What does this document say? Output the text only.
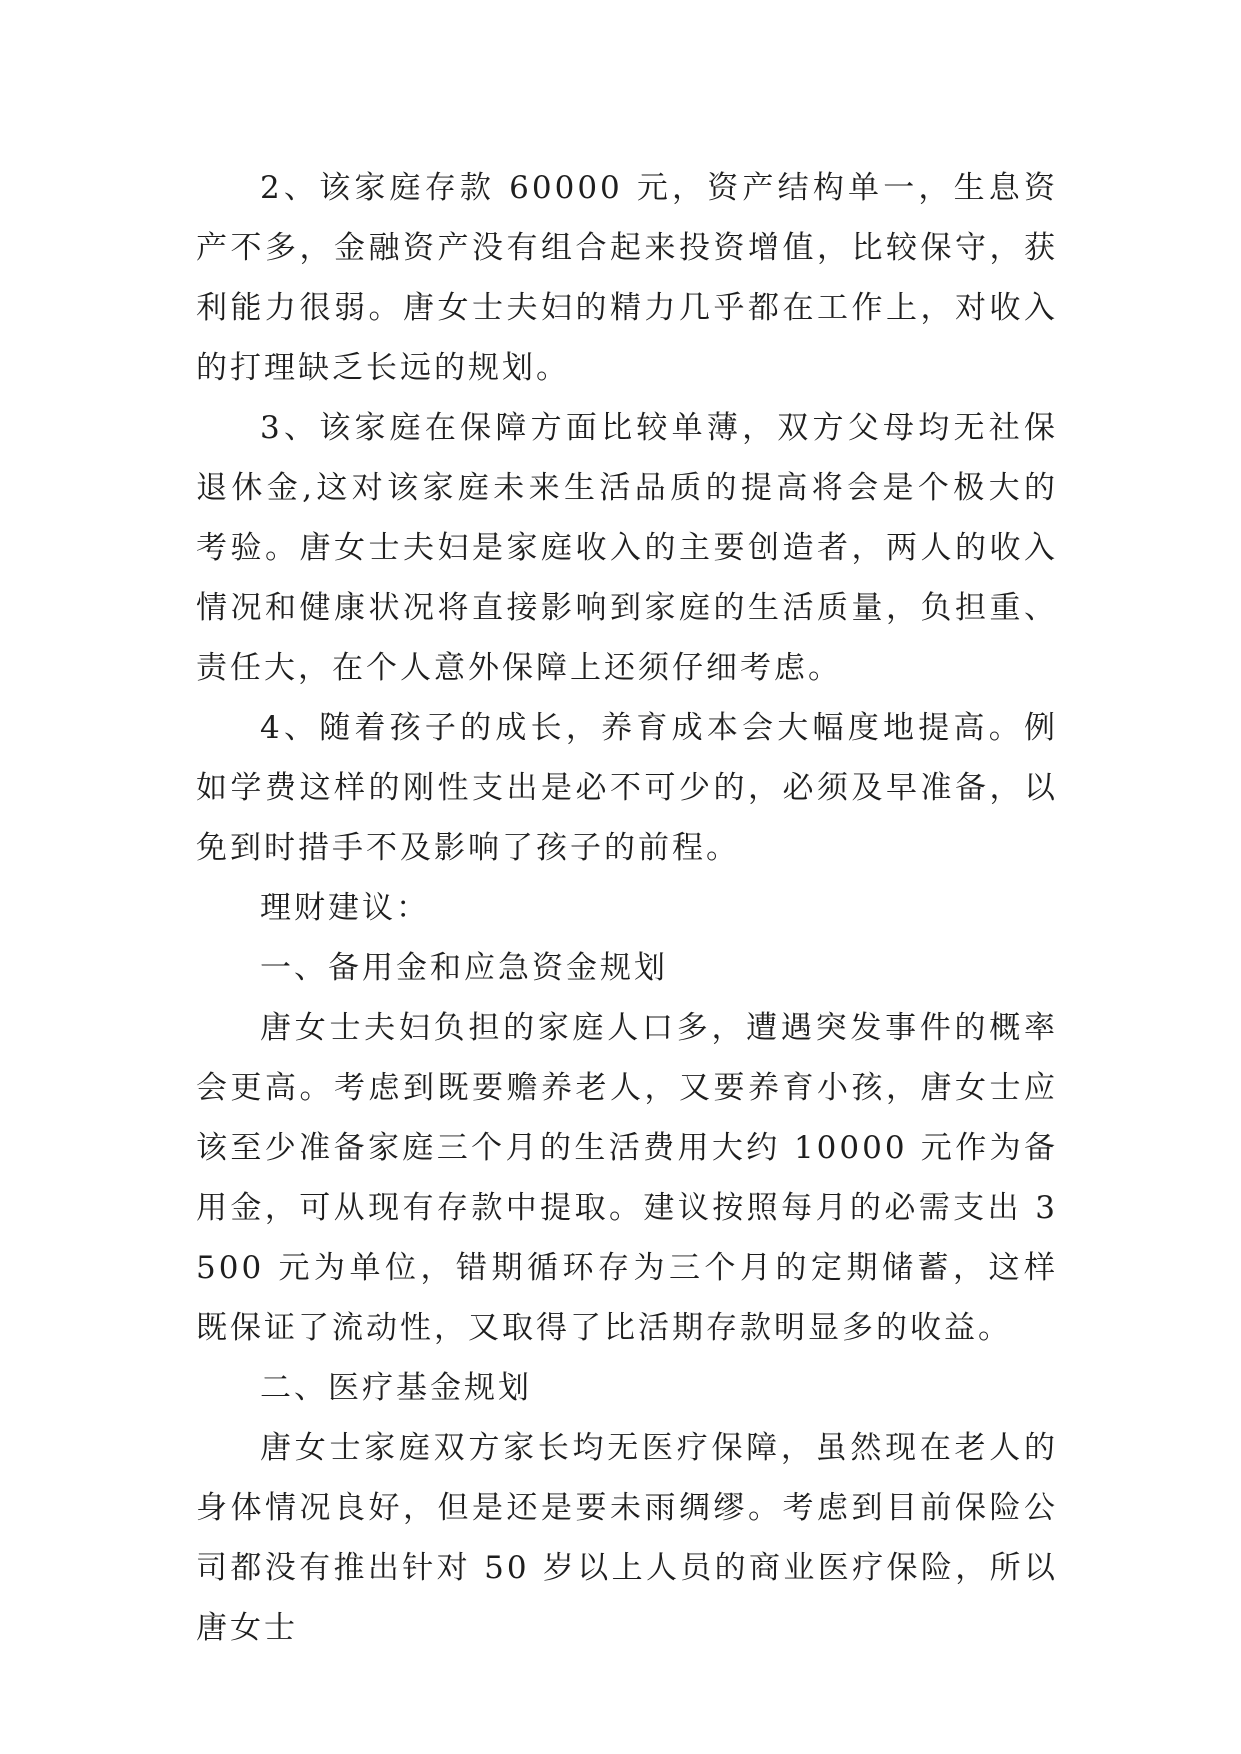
2、该家庭存款 60000 元，资产结构单一，生息资产不多，金融资产没有组合起来投资增值，比较保守，获利能力很弱。唐女士夫妇的精力几乎都在工作上，对收入的打理缺乏长远的规划。

3、该家庭在保障方面比较单薄，双方父母均无社保退休金,这对该家庭未来生活品质的提高将会是个极大的考验。唐女士夫妇是家庭收入的主要创造者，两人的收入情况和健康状况将直接影响到家庭的生活质量，负担重、责任大，在个人意外保障上还须仔细考虑。

4、随着孩子的成长，养育成本会大幅度地提高。例如学费这样的刚性支出是必不可少的，必须及早准备，以免到时措手不及影响了孩子的前程。

理财建议：

一、备用金和应急资金规划

唐女士夫妇负担的家庭人口多，遭遇突发事件的概率会更高。考虑到既要赡养老人，又要养育小孩，唐女士应该至少准备家庭三个月的生活费用大约 10000 元作为备用金，可从现有存款中提取。建议按照每月的必需支出 3500 元为单位，错期循环存为三个月的定期储蓄，这样既保证了流动性，又取得了比活期存款明显多的收益。

二、医疗基金规划

唐女士家庭双方家长均无医疗保障，虽然现在老人的身体情况良好，但是还是要未雨绸缪。考虑到目前保险公司都没有推出针对 50 岁以上人员的商业医疗保险，所以唐女士
